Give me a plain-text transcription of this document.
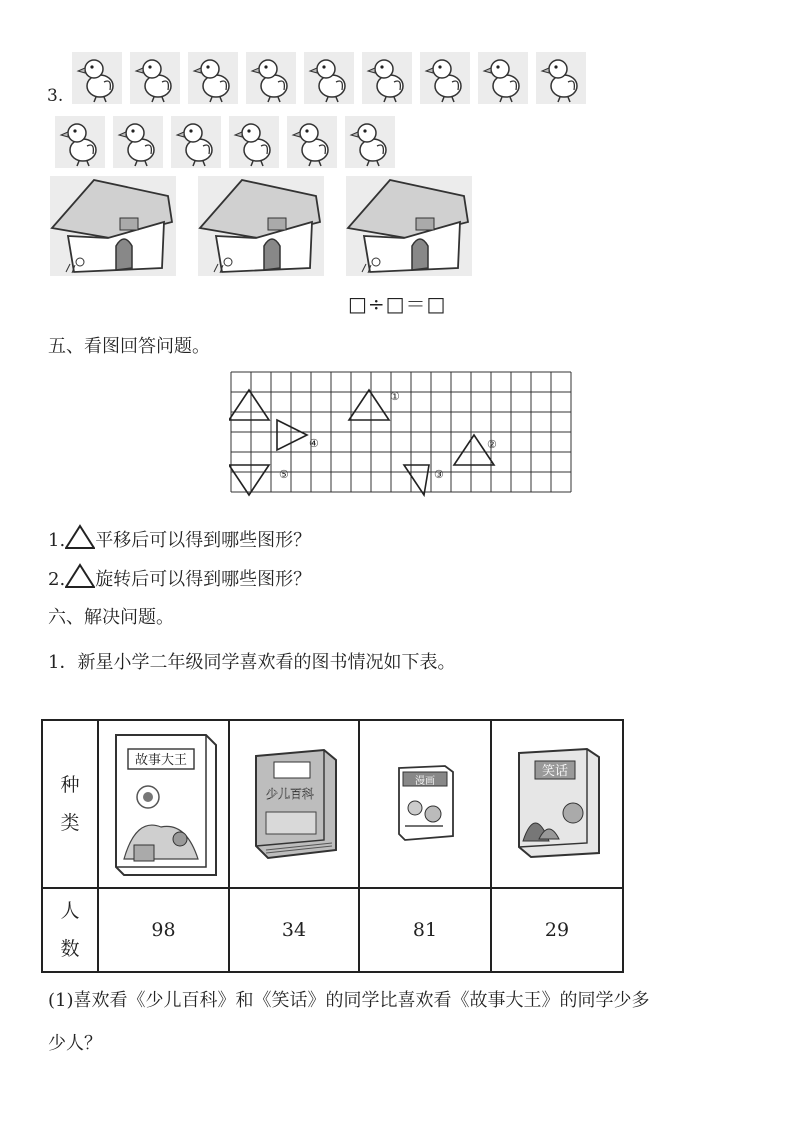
3.
□÷□＝□
五、看图回答问题。
①
②
③
④
⑤
1. 平移后可以得到哪些图形？
2. 旋转后可以得到哪些图形？
六、解决问题。
1．新星小学二年级同学喜欢看的图书情况如下表。
种
类	故事大王	少儿百科	漫画	笑话

人
数	98	34	81	29
(1)喜欢看《少儿百科》和《笑话》的同学比喜欢看《故事大王》的同学少多
少人？
